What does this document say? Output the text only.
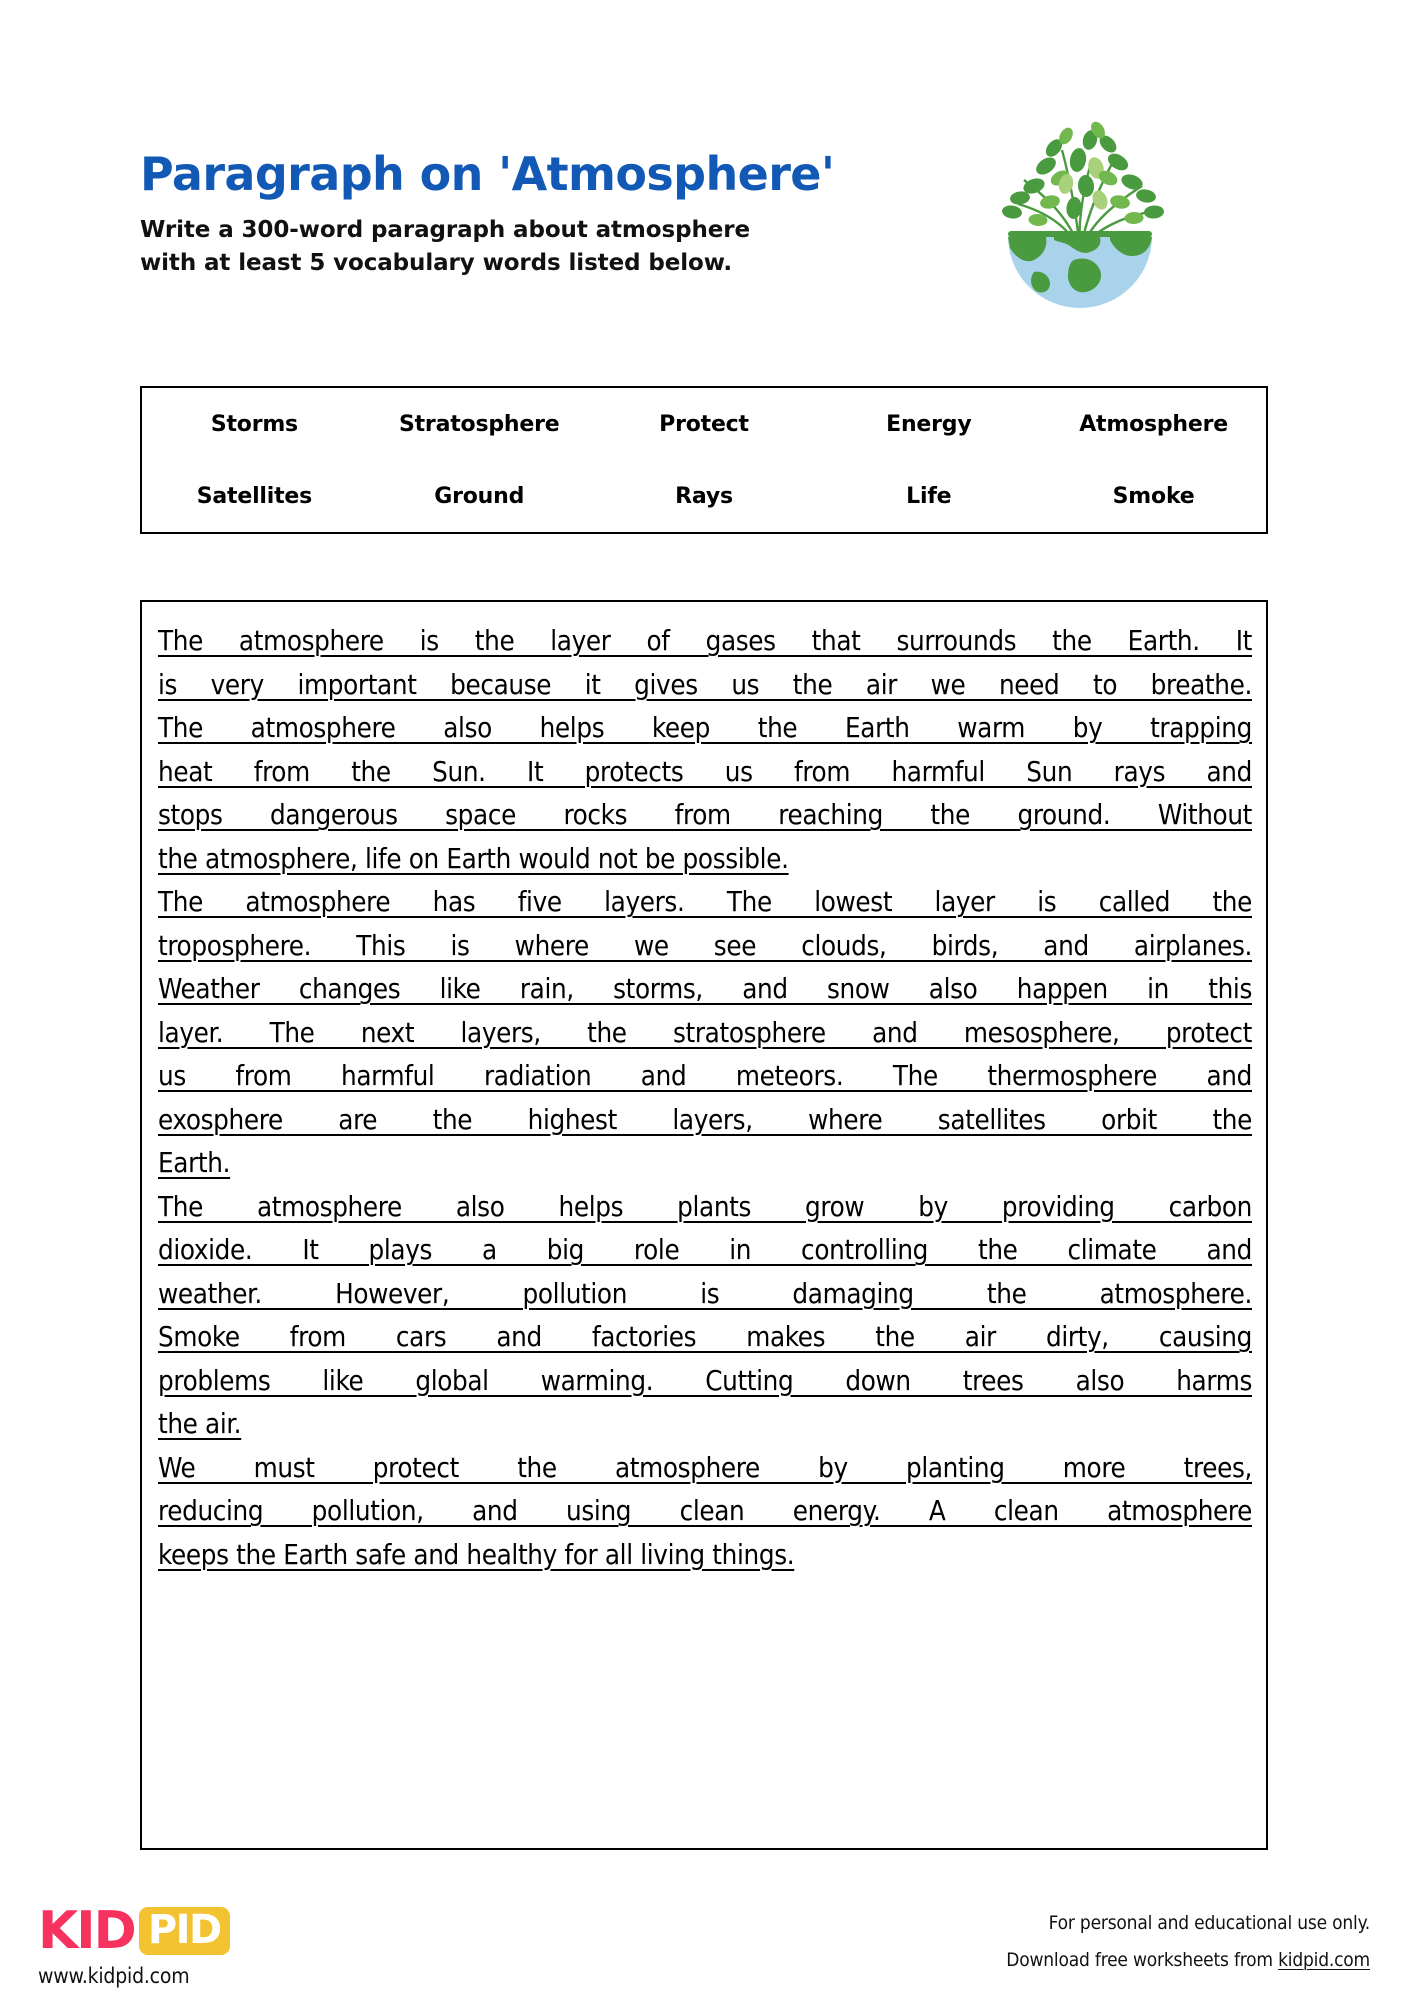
Paragraph on 'Atmosphere'
Write a 300-word paragraph about atmosphere
with at least 5 vocabulary words listed below.
Storms	Stratosphere	Protect	Energy	Atmosphere
Satellites	Ground	Rays	Life	Smoke
The atmosphere is the layer of gases that surrounds the Earth. It
is very important because it gives us the air we need to breathe.
The atmosphere also helps keep the Earth warm by trapping
heat from the Sun. It protects us from harmful Sun rays and
stops dangerous space rocks from reaching the ground. Without
the atmosphere, life on Earth would not be possible.
The atmosphere has five layers. The lowest layer is called the
troposphere. This is where we see clouds, birds, and airplanes.
Weather changes like rain, storms, and snow also happen in this
layer. The next layers, the stratosphere and mesosphere, protect
us from harmful radiation and meteors. The thermosphere and
exosphere are the highest layers, where satellites orbit the
Earth.
The atmosphere also helps plants grow by providing carbon
dioxide. It plays a big role in controlling the climate and
weather. However, pollution is damaging the atmosphere.
Smoke from cars and factories makes the air dirty, causing
problems like global warming. Cutting down trees also harms
the air.
We must protect the atmosphere by planting more trees,
reducing pollution, and using clean energy. A clean atmosphere
keeps the Earth safe and healthy for all living things.
KID PID
www.kidpid.com
For personal and educational use only.
Download free worksheets from kidpid.com
